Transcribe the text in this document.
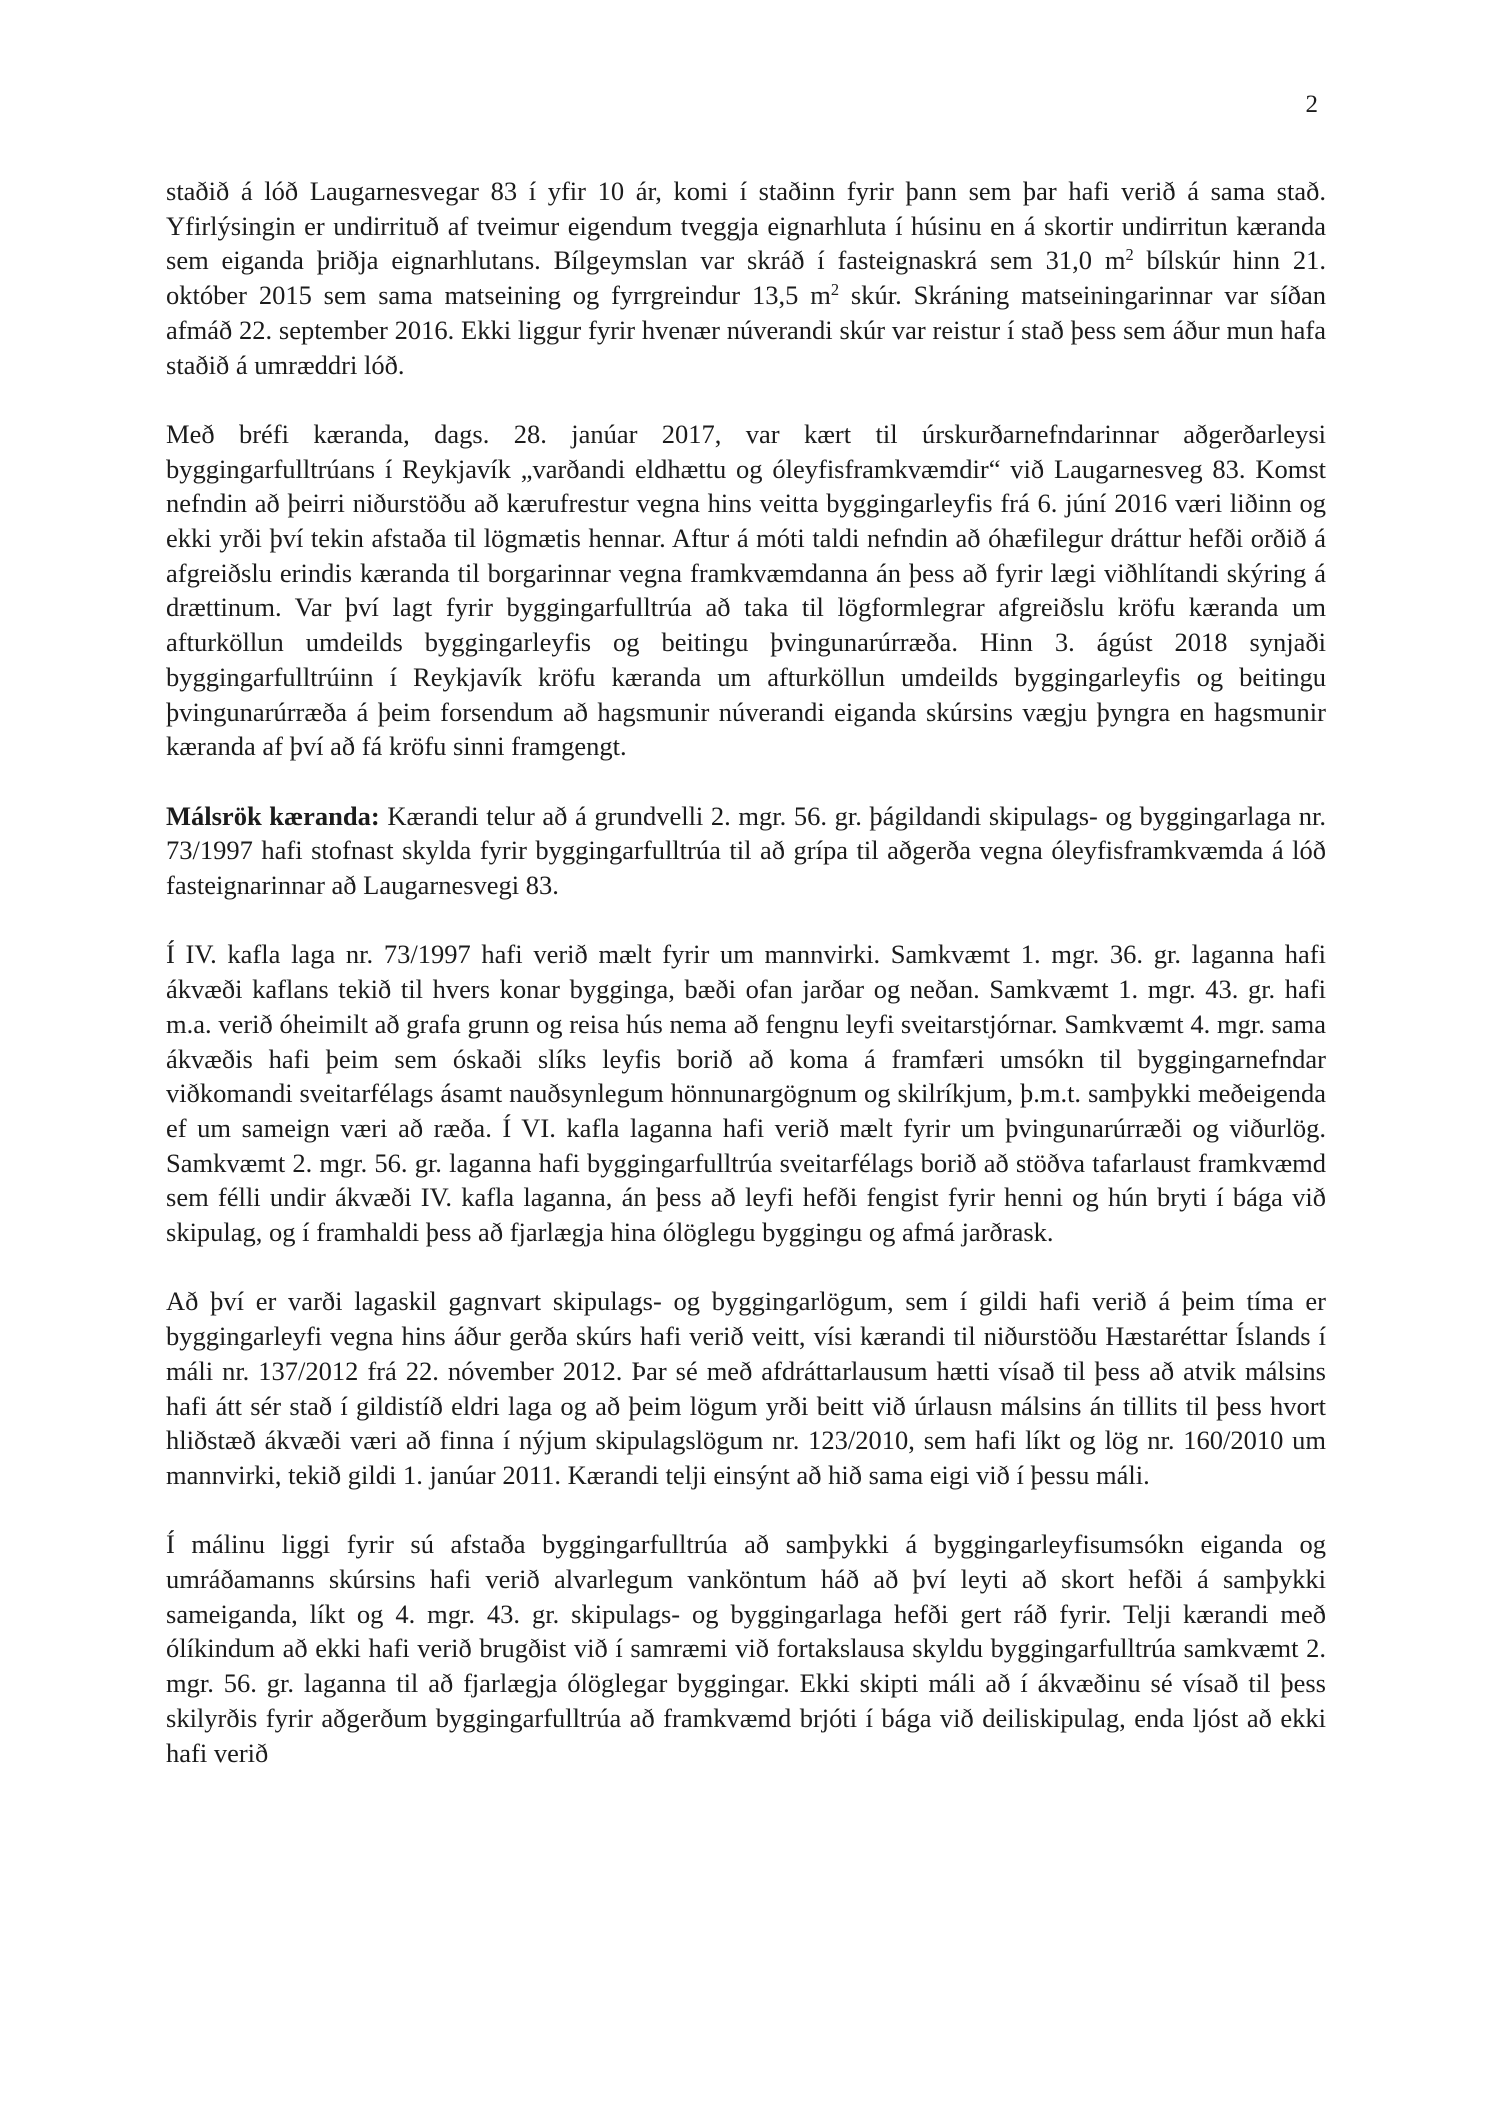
2

staðið á lóð Laugarnesvegar 83 í yfir 10 ár, komi í staðinn fyrir þann sem þar hafi verið á sama stað. Yfirlýsingin er undirrituð af tveimur eigendum tveggja eignarhluta í húsinu en á skortir undirritun kæranda sem eiganda þriðja eignarhlutans. Bílgeymslan var skráð í fasteignaskrá sem 31,0 $m^2$ bílskúr hinn 21. október 2015 sem sama matseining og fyrrgreindur 13,5 $m^2$ skúr. Skráning matseiningarinnar var síðan afmáð 22. september 2016. Ekki liggur fyrir hvenær núverandi skúr var reistur í stað þess sem áður mun hafa staðið á umræddri lóð.

Með bréfi kæranda, dags. 28. janúar 2017, var kært til úrskurðarnefndarinnar aðgerðarleysi byggingarfulltrúans í Reykjavík „varðandi eldhættu og óleyfisframkvæmdir“ við Laugarnesveg 83. Komst nefndin að þeirri niðurstöðu að kærufrestur vegna hins veitta byggingarleyfis frá 6. júní 2016 væri liðinn og ekki yrði því tekin afstaða til lögmætis hennar. Aftur á móti taldi nefndin að óhæfilegur dráttur hefði orðið á afgreiðslu erindis kæranda til borgarinnar vegna framkvæmdanna án þess að fyrir lægi viðhlítandi skýring á drættinum. Var því lagt fyrir byggingarfulltrúa að taka til lögformlegrar afgreiðslu kröfu kæranda um afturköllun umdeilds byggingarleyfis og beitingu þvingunarúrræða. Hinn 3. ágúst 2018 synjaði byggingarfulltrúinn í Reykjavík kröfu kæranda um afturköllun umdeilds byggingarleyfis og beitingu þvingunarúrræða á þeim forsendum að hagsmunir núverandi eiganda skúrsins vægju þyngra en hagsmunir kæranda af því að fá kröfu sinni framgengt.

Málsrök kæranda: Kærandi telur að á grundvelli 2. mgr. 56. gr. þágildandi skipulags- og byggingarlaga nr. 73/1997 hafi stofnast skylda fyrir byggingarfulltrúa til að grípa til aðgerða vegna óleyfisframkvæmda á lóð fasteignarinnar að Laugarnesvegi 83.

Í IV. kafla laga nr. 73/1997 hafi verið mælt fyrir um mannvirki. Samkvæmt 1. mgr. 36. gr. laganna hafi ákvæði kaflans tekið til hvers konar bygginga, bæði ofan jarðar og neðan. Samkvæmt 1. mgr. 43. gr. hafi m.a. verið óheimilt að grafa grunn og reisa hús nema að fengnu leyfi sveitarstjórnar. Samkvæmt 4. mgr. sama ákvæðis hafi þeim sem óskaði slíks leyfis borið að koma á framfæri umsókn til byggingarnefndar viðkomandi sveitarfélags ásamt nauðsynlegum hönnunargögnum og skilríkjum, þ.m.t. samþykki meðeigenda ef um sameign væri að ræða. Í VI. kafla laganna hafi verið mælt fyrir um þvingunarúrræði og viðurlög. Samkvæmt 2. mgr. 56. gr. laganna hafi byggingarfulltrúa sveitarfélags borið að stöðva tafarlaust framkvæmd sem félli undir ákvæði IV. kafla laganna, án þess að leyfi hefði fengist fyrir henni og hún bryti í bága við skipulag, og í framhaldi þess að fjarlægja hina ólöglegu byggingu og afmá jarðrask.

Að því er varði lagaskil gagnvart skipulags- og byggingarlögum, sem í gildi hafi verið á þeim tíma er byggingarleyfi vegna hins áður gerða skúrs hafi verið veitt, vísi kærandi til niðurstöðu Hæstaréttar Íslands í máli nr. 137/2012 frá 22. nóvember 2012. Þar sé með afdráttarlausum hætti vísað til þess að atvik málsins hafi átt sér stað í gildistíð eldri laga og að þeim lögum yrði beitt við úrlausn málsins án tillits til þess hvort hliðstæð ákvæði væri að finna í nýjum skipulagslögum nr. 123/2010, sem hafi líkt og lög nr. 160/2010 um mannvirki, tekið gildi 1. janúar 2011. Kærandi telji einsýnt að hið sama eigi við í þessu máli.

Í málinu liggi fyrir sú afstaða byggingarfulltrúa að samþykki á byggingarleyfisumsókn eiganda og umráðamanns skúrsins hafi verið alvarlegum vanköntum háð að því leyti að skort hefði á samþykki sameiganda, líkt og 4. mgr. 43. gr. skipulags- og byggingarlaga hefði gert ráð fyrir. Telji kærandi með ólíkindum að ekki hafi verið brugðist við í samræmi við fortakslausa skyldu byggingarfulltrúa samkvæmt 2. mgr. 56. gr. laganna til að fjarlægja ólöglegar byggingar. Ekki skipti máli að í ákvæðinu sé vísað til þess skilyrðis fyrir aðgerðum byggingarfulltrúa að framkvæmd brjóti í bága við deiliskipulag, enda ljóst að ekki hafi verið
